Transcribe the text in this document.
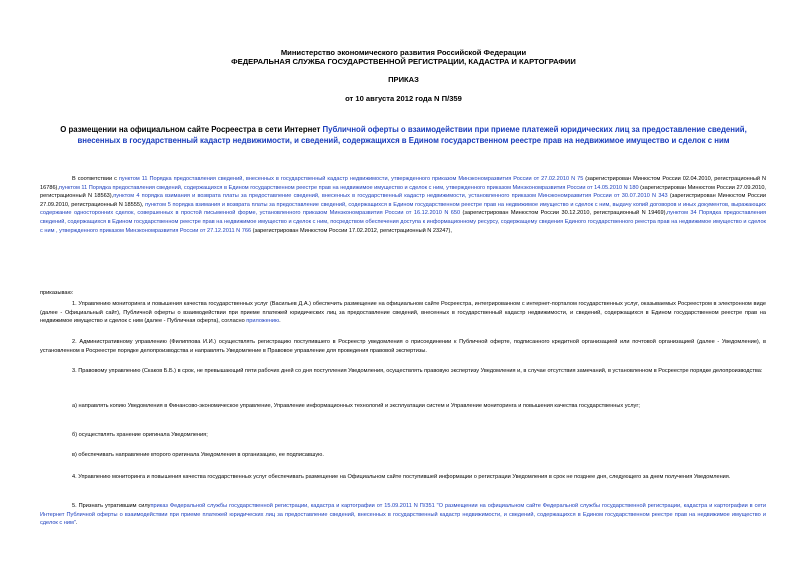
Министерство экономического развития Российской Федерации
ФЕДЕРАЛЬНАЯ СЛУЖБА ГОСУДАРСТВЕННОЙ РЕГИСТРАЦИИ, КАДАСТРА И КАРТОГРАФИИ
ПРИКАЗ
от 10 августа 2012 года N П/359
О размещении на официальном сайте Росреестра в сети Интернет Публичной оферты о взаимодействии при приеме платежей юридических лиц за предоставление сведений, внесенных в государственный кадастр недвижимости, и сведений, содержащихся в Едином государственном реестре прав на недвижимое имущество и сделок с ним
В соответствии с пунктом 11 Порядка предоставления сведений, внесенных в государственный кадастр недвижимости, утвержденного приказом Минэкономразвития России от 27.02.2010 N 75 (зарегистрирован Минюстом России 02.04.2010, регистрационный N 16786),пунктом 11 Порядка предоставления сведений, содержащихся в Едином государственном реестре прав на недвижимое имущество и сделок с ним, утвержденного приказом Минэкономразвития России от 14.05.2010 N 180 (зарегистрирован Минюстом России 27.09.2010, регистрационный N 18563),пунктом 4 порядка взимания и возврата платы за предоставление сведений, внесенных в государственный кадастр недвижимости, установленного приказом Минэкономразвития России от 30.07.2010 N 343 (зарегистрирован Минюстом России 27.09.2010, регистрационный N 18555), пунктом 5 порядка взимания и возврата платы за предоставление сведений, содержащихся в Едином государственном реестре прав на недвижимое имущество и сделок с ним, выдачу копий договоров и иных документов, выражающих содержание односторонних сделок, совершенных в простой письменной форме, установленного приказом Минэкономразвития России от 16.12.2010 N 650 (зарегистрирован Минюстом России 30.12.2010, регистрационный N 19469),пунктом 34 Порядка предоставления сведений, содержащихся в Едином государственном реестре прав на недвижимое имущество и сделок с ним, посредством обеспечения доступа к информационному ресурсу, содержащему сведения Единого государственного реестра прав на недвижимое имущество и сделок с ним , утвержденного приказом Минэкономразвития России от 27.12.2011 N 766 (зарегистрирован Минюстом России 17.02.2012, регистрационный N 23247),
приказываю:
1. Управлению мониторинга и повышения качества государственных услуг (Васильев Д.А.) обеспечить размещение на официальном сайте Росреестра, интегрированном с интернет-порталом государственных услуг, оказываемых Росреестром в электронном виде (далее - Официальный сайт), Публичной оферты о взаимодействии при приеме платежей юридических лиц за предоставление сведений, внесенных в государственный кадастр недвижимости, и сведений, содержащихся в Едином государственном реестре прав на недвижимое имущество и сделок с ним (далее - Публичная оферта), согласно приложению.
2. Административному управлению (Филиппова И.И.) осуществлять регистрацию поступившего в Росреестр уведомления о присоединении к Публичной оферте, подписанного кредитной организацией или почтовой организацией (далее - Уведомление), в установленном в Росреестре порядке делопроизводства и направлять Уведомление в Правовое управление для проведения правовой экспертизы.
3. Правовому управлению (Скаков Б.Б.) в срок, не превышающий пяти рабочих дней со дня поступления Уведомления, осуществлять правовую экспертизу Уведомления и, в случае отсутствия замечаний, в установленном в Росреестре порядке делопроизводства:
а) направлять копию Уведомления в Финансово-экономическое управление, Управление информационных технологий и эксплуатации систем и Управление мониторинга и повышения качества государственных услуг;
б) осуществлять хранение оригинала Уведомления;
в) обеспечивать направление второго оригинала Уведомления в организацию, ее подписавшую.
4. Управлению мониторинга и повышения качества государственных услуг обеспечивать размещение на Официальном сайте поступившей информации о регистрации Уведомления в срок не позднее дня, следующего за днем получения Уведомления.
5. Признать утратившим силуприказ Федеральной службы государственной регистрации, кадастра и картографии от 15.09.2011 N П/351 "О размещении на официальном сайте Федеральной службы государственной регистрации, кадастра и картографии в сети Интернет Публичной оферты о взаимодействии при приеме платежей юридических лиц за предоставление сведений, внесенных в государственный кадастр недвижимости, и сведений, содержащихся в Едином государственном реестре прав на недвижимое имущество и сделок с ним".
